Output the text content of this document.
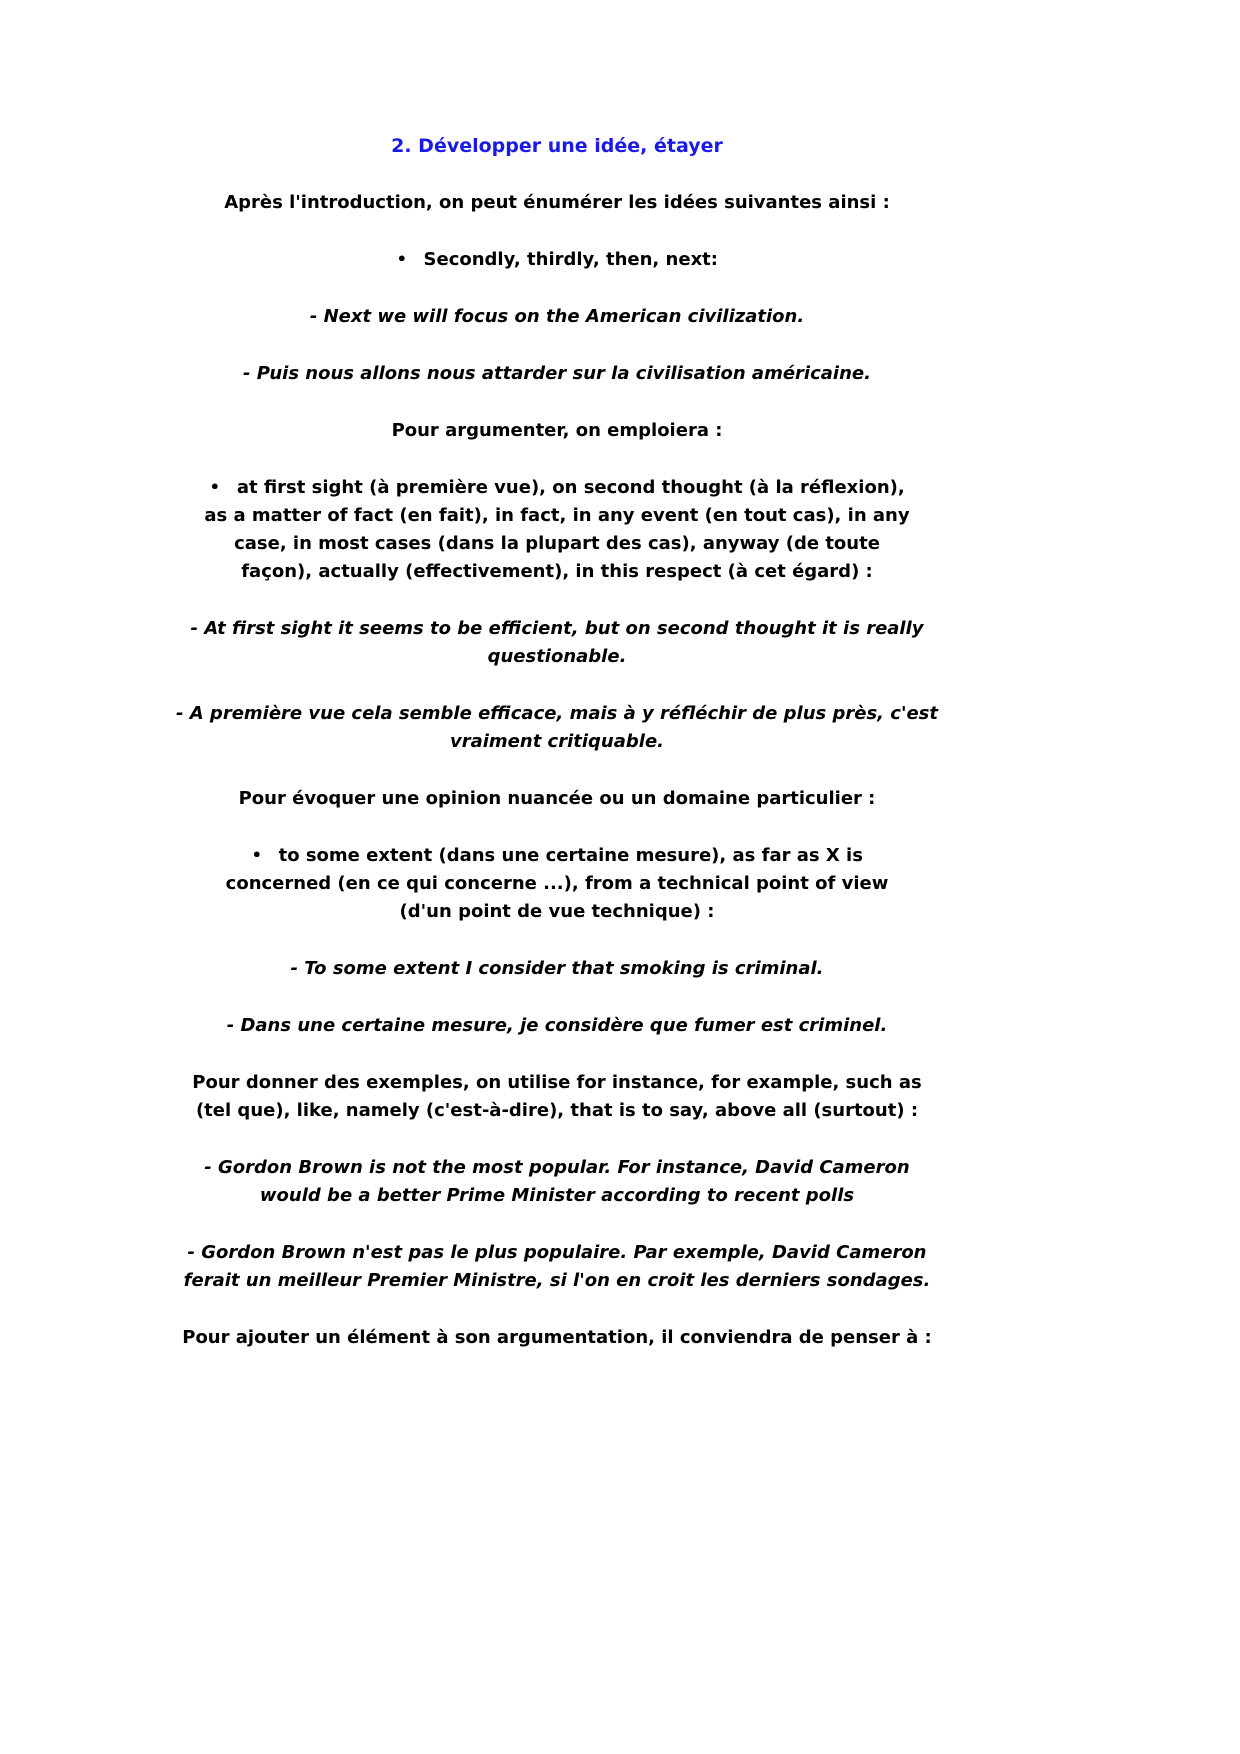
2. Développer une idée, étayer

Après l'introduction, on peut énumérer les idées suivantes ainsi :

• Secondly, thirdly, then, next:

- Next we will focus on the American civilization.

- Puis nous allons nous attarder sur la civilisation américaine.

Pour argumenter, on emploiera :

• at first sight (à première vue), on second thought (à la réflexion), as a matter of fact (en fait), in fact, in any event (en tout cas), in any case, in most cases (dans la plupart des cas), anyway (de toute façon), actually (effectivement), in this respect (à cet égard) :

- At first sight it seems to be efficient, but on second thought it is really questionable.

- A première vue cela semble efficace, mais à y réfléchir de plus près, c'est vraiment critiquable.

Pour évoquer une opinion nuancée ou un domaine particulier :

• to some extent (dans une certaine mesure), as far as X is concerned (en ce qui concerne ...), from a technical point of view (d'un point de vue technique) :

- To some extent I consider that smoking is criminal.

- Dans une certaine mesure, je considère que fumer est criminel.

Pour donner des exemples, on utilise for instance, for example, such as (tel que), like, namely (c'est-à-dire), that is to say, above all (surtout) :

- Gordon Brown is not the most popular. For instance, David Cameron would be a better Prime Minister according to recent polls

- Gordon Brown n'est pas le plus populaire. Par exemple, David Cameron ferait un meilleur Premier Ministre, si l'on en croit les derniers sondages.

Pour ajouter un élément à son argumentation, il conviendra de penser à :
